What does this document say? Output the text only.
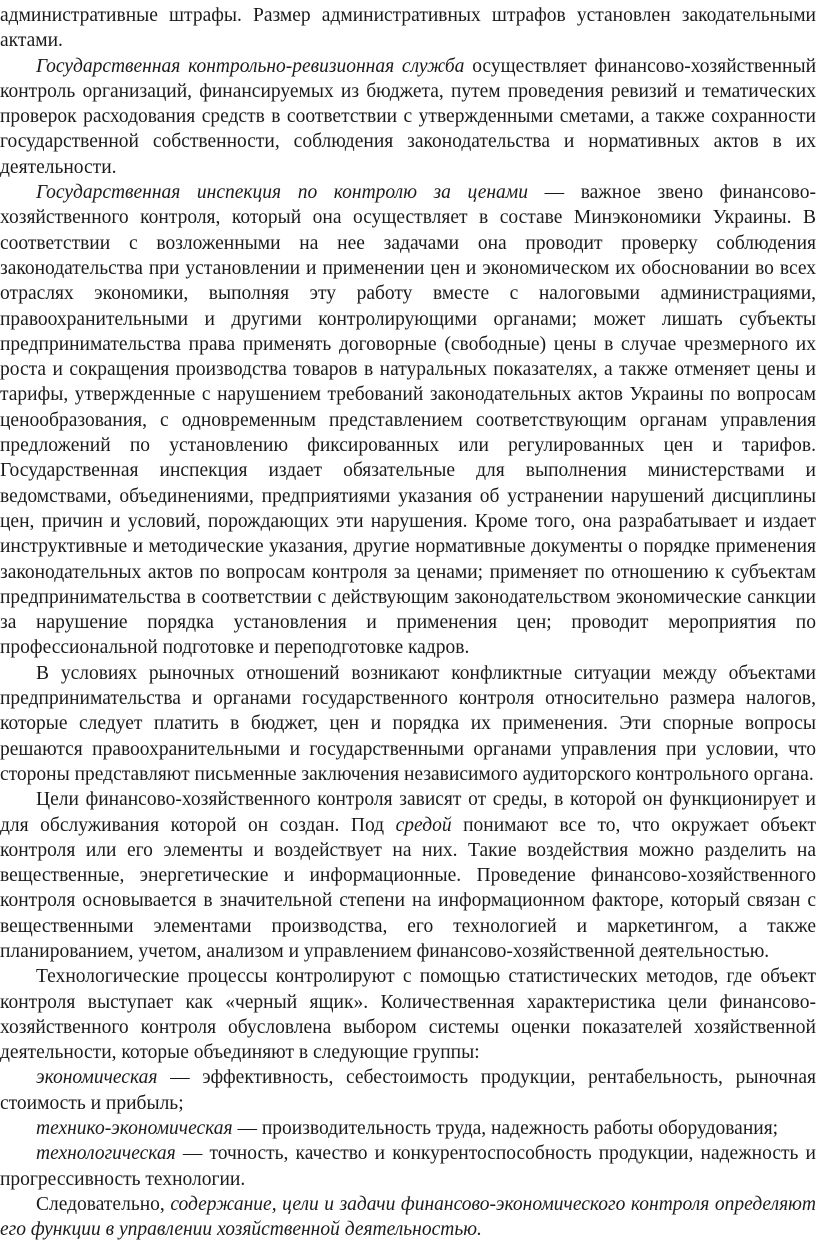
административные штрафы. Размер административных штрафов установлен закодательными актами.

Государственная контрольно-ревизионная служба осуществляет финансово-хозяйственный контроль организаций, финансируемых из бюджета, путем проведения ревизий и тематических проверок расходования средств в соответствии с утвержденными сметами, а также сохранности государственной собственности, соблюдения законодательства и нормативных актов в их деятельности.

Государственная инспекция по контролю за ценами — важное звено финансово-хозяйственного контроля, который она осуществляет в составе Минэкономики Украины. В соответствии с возложенными на нее задачами она проводит проверку соблюдения законодательства при установлении и применении цен и экономическом их обосновании во всех отраслях экономики, выполняя эту работу вместе с налоговыми администрациями, правоохранительными и другими контролирующими органами; может лишать субъекты предпринимательства права применять договорные (свободные) цены в случае чрезмерного их роста и сокращения производства товаров в натуральных показателях, а также отменяет цены и тарифы, утвержденные с нарушением требований законодательных актов Украины по вопросам ценообразования, с одновременным представлением соответствующим органам управления предложений по установлению фиксированных или регулированных цен и тарифов. Государственная инспекция издает обязательные для выполнения министерствами и ведомствами, объединениями, предприятиями указания об устранении нарушений дисциплины цен, причин и условий, порождающих эти нарушения. Кроме того, она разрабатывает и издает инструктивные и методические указания, другие нормативные документы о порядке применения законодательных актов по вопросам контроля за ценами; применяет по отношению к субъектам предпринимательства в соответствии с действующим законодательством экономические санкции за нарушение порядка установления и применения цен; проводит мероприятия по профессиональной подготовке и переподготовке кадров.

В условиях рыночных отношений возникают конфликтные ситуации между объектами предпринимательства и органами государственного контроля относительно размера налогов, которые следует платить в бюджет, цен и порядка их применения. Эти спорные вопросы решаются правоохранительными и государственными органами управления при условии, что стороны представляют письменные заключения независимого аудиторского контрольного органа.

Цели финансово-хозяйственного контроля зависят от среды, в которой он функционирует и для обслуживания которой он создан. Под средой понимают все то, что окружает объект контроля или его элементы и воздействует на них. Такие воздействия можно разделить на вещественные, энергетические и информационные. Проведение финансово-хозяйственного контроля основывается в значительной степени на информационном факторе, который связан с вещественными элементами производства, его технологией и маркетингом, а также планированием, учетом, анализом и управлением финансово-хозяйственной деятельностью.

Технологические процессы контролируют с помощью статистических методов, где объект контроля выступает как «черный ящик». Количественная характеристика цели финансово-хозяйственного контроля обусловлена выбором системы оценки показателей хозяйственной деятельности, которые объединяют в следующие группы:

экономическая — эффективность, себестоимость продукции, рентабельность, рыночная стоимость и прибыль;

технико-экономическая — производительность труда, надежность работы оборудования;

технологическая — точность, качество и конкурентоспособность продукции, надежность и прогрессивность технологии.

Следовательно, содержание, цели и задачи финансово-экономического контроля определяют его функции в управлении хозяйственной деятельностью.
